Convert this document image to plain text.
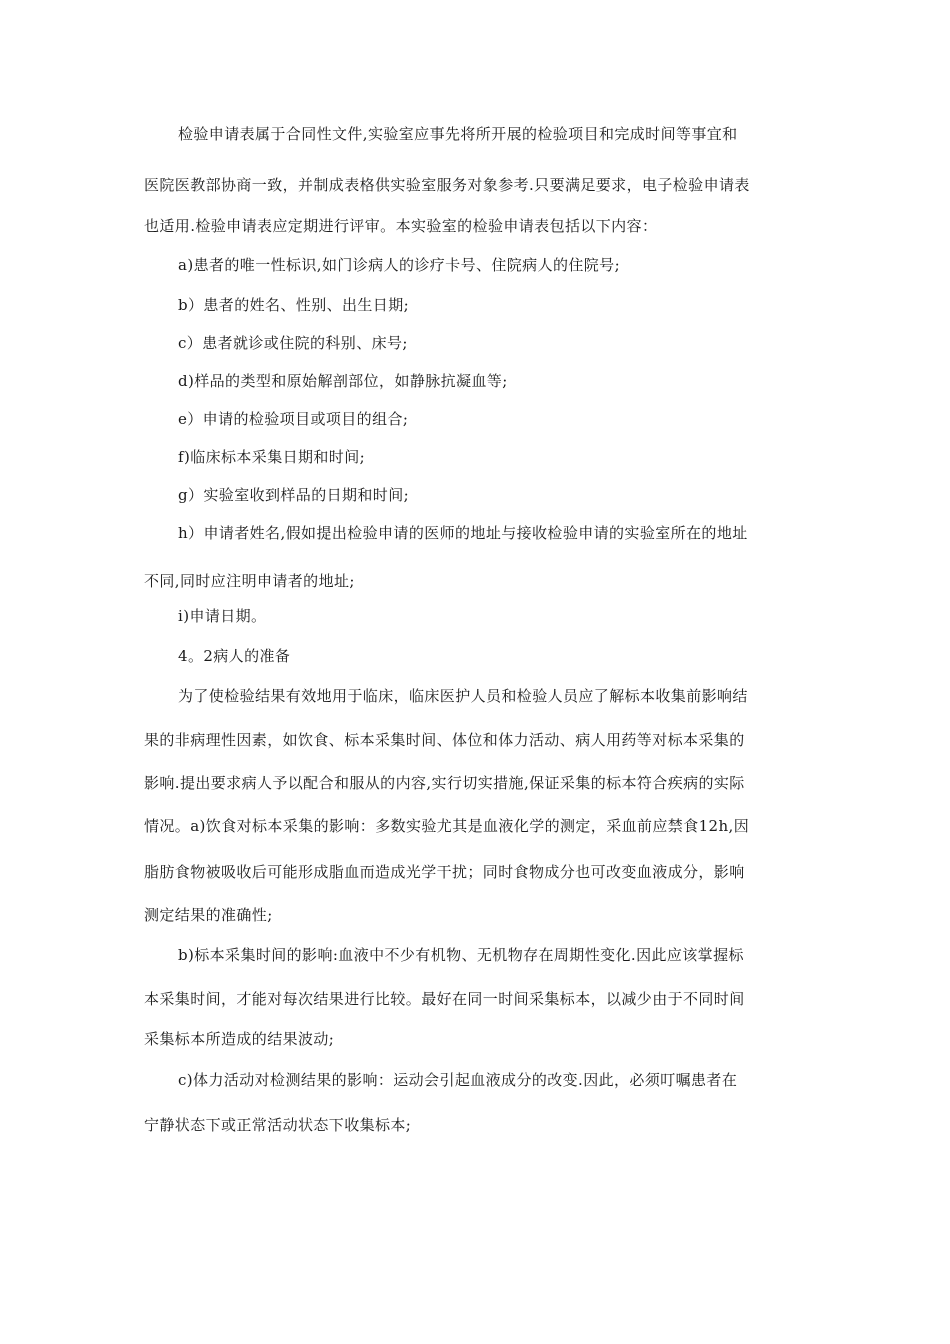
检验申请表属于合同性文件,实验室应事先将所开展的检验项目和完成时间等事宜和
医院医教部协商一致，并制成表格供实验室服务对象参考.只要满足要求，电子检验申请表
也适用.检验申请表应定期进行评审。本实验室的检验申请表包括以下内容：
a)患者的唯一性标识,如门诊病人的诊疗卡号、住院病人的住院号;
b）患者的姓名、性别、出生日期;
c）患者就诊或住院的科别、床号;
d)样品的类型和原始解剖部位，如静脉抗凝血等;
e）申请的检验项目或项目的组合;
f)临床标本采集日期和时间;
g）实验室收到样品的日期和时间;
h）申请者姓名,假如提出检验申请的医师的地址与接收检验申请的实验室所在的地址
不同,同时应注明申请者的地址;
i)申请日期。
4。2病人的准备
为了使检验结果有效地用于临床，临床医护人员和检验人员应了解标本收集前影响结
果的非病理性因素，如饮食、标本采集时间、体位和体力活动、病人用药等对标本采集的
影响.提出要求病人予以配合和服从的内容,实行切实措施,保证采集的标本符合疾病的实际
情况。a)饮食对标本采集的影响：多数实验尤其是血液化学的测定，采血前应禁食12h,因
脂肪食物被吸收后可能形成脂血而造成光学干扰；同时食物成分也可改变血液成分，影响
测定结果的准确性;
b)标本采集时间的影响:血液中不少有机物、无机物存在周期性变化.因此应该掌握标
本采集时间，才能对每次结果进行比较。最好在同一时间采集标本，以减少由于不同时间
采集标本所造成的结果波动;
c)体力活动对检测结果的影响：运动会引起血液成分的改变.因此，必须叮嘱患者在
宁静状态下或正常活动状态下收集标本;
